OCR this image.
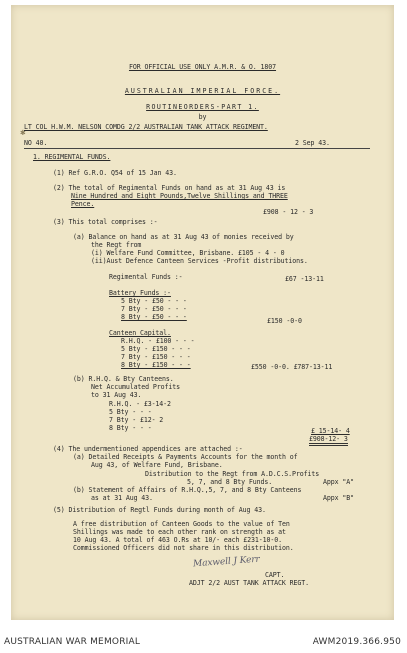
✱
FOR OFFICIAL USE ONLY A.M.R. & O. 1807
AUSTRALIAN IMPERIAL FORCE.
ROUTINEORDERS-PART 1.
by
LT COL H.W.M. NELSON COMDG 2/2 AUSTRALIAN TANK ATTACK REGIMENT.
NO 40.	2 Sep 43.
1. REGIMENTAL FUNDS.
(1) Ref G.R.O. Q54 of 15 Jan 43.
(2) The total of Regimental Funds on hand as at 31 Aug 43 is
Nine Hundred and Eight Pounds,Twelve Shillings and THREE
Pence.
£908 - 12 - 3
(3) This total comprises :-
(a) Balance on hand as at 31 Aug 43 of monies received by
the Regt from
(i) Welfare Fund Committee, Brisbane. £105 - 4 - 0
(ii)Aust Defence Canteen Services -Profit distributions.
Regimental Funds :-	£67 -13-11
Battery Funds :-
5 Bty - £50 - - -
7 Bty - £50 - - -
8 Bty - £50 - - -	£150 -0-0
Canteen Capital.
R.H.Q. - £100 - - -
5 Bty - £150 - - -
7 Bty - £150 - - -
8 Bty - £150 - - -	£550 -0-0. £787-13-11
(b) R.H.Q. & Bty Canteens.
Net Accumulated Profits
to 31 Aug 43.
R.H.Q. - £3-14-2
5 Bty - - -
7 Bty - £12- 2
8 Bty - - -	£ 15-14- 4
£908-12- 3
(4) The undermentioned appendices are attached :-
(a) Detailed Receipts & Payments Accounts for the month of
Aug 43, of Welfare Fund, Brisbane.
Distribution to the Regt from A.D.C.S.Profits
5, 7, and 8 Bty Funds.	Appx "A"
(b) Statement of Affairs of R.H.Q.,5, 7, and 8 Bty Canteens
as at 31 Aug 43.	Appx "B"
(5) Distribution of Regtl Funds during month of Aug 43.
A free distribution of Canteen Goods to the value of Ten
Shillings was made to each other rank on strength as at
10 Aug 43. A total of 463 O.Rs at 10/- each £231-10-0.
Commissioned Officers did not share in this distribution.
Maxwell J Kerr
CAPT.
ADJT 2/2 AUST TANK ATTACK REGT.
AUSTRALIAN WAR MEMORIAL	AWM2019.366.950
